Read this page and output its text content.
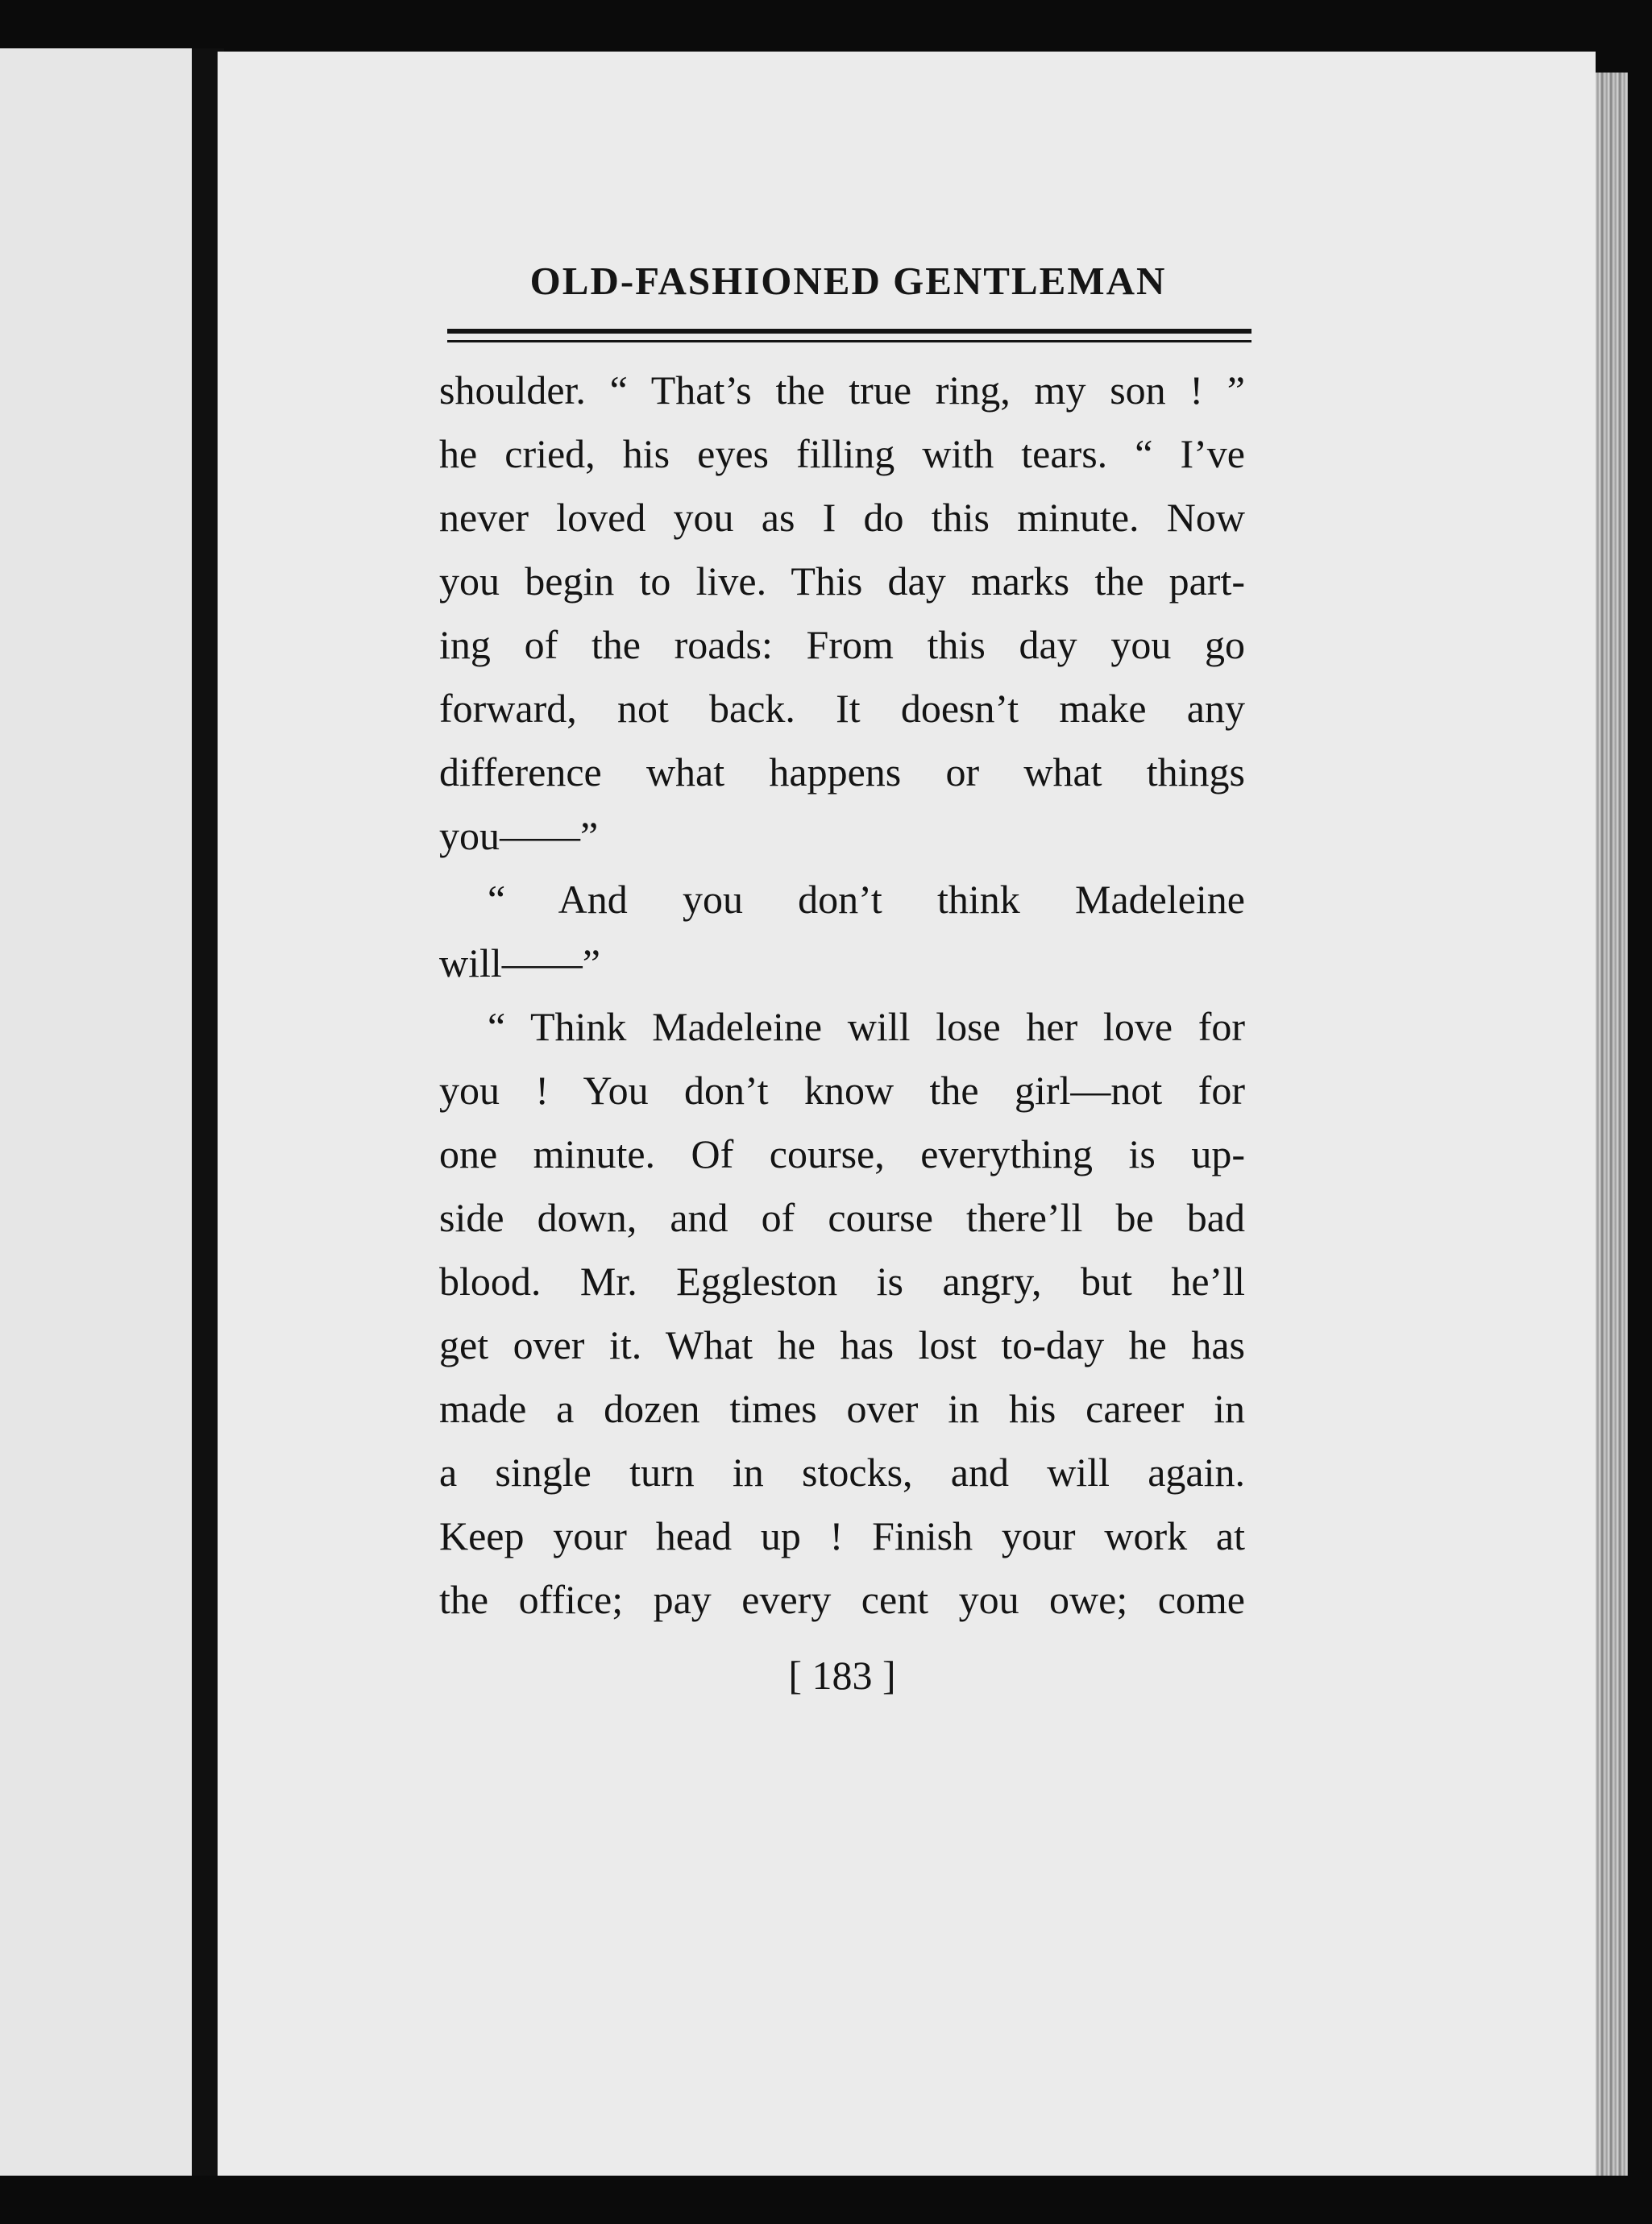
OLD-FASHIONED GENTLEMAN
shoulder. “ That’s the true ring, my son ! ”
he cried, his eyes filling with tears. “ I’ve
never loved you as I do this minute. Now
you begin to live. This day marks the part-
ing of the roads: From this day you go
forward, not back. It doesn’t make any
difference what happens or what things
you——”
“ And you don’t think Madeleine
will——”
“ Think Madeleine will lose her love for
you ! You don’t know the girl—not for
one minute. Of course, everything is up-
side down, and of course there’ll be bad
blood. Mr. Eggleston is angry, but he’ll
get over it. What he has lost to-day he has
made a dozen times over in his career in
a single turn in stocks, and will again.
Keep your head up ! Finish your work at
the office; pay every cent you owe; come

[ 183 ]
